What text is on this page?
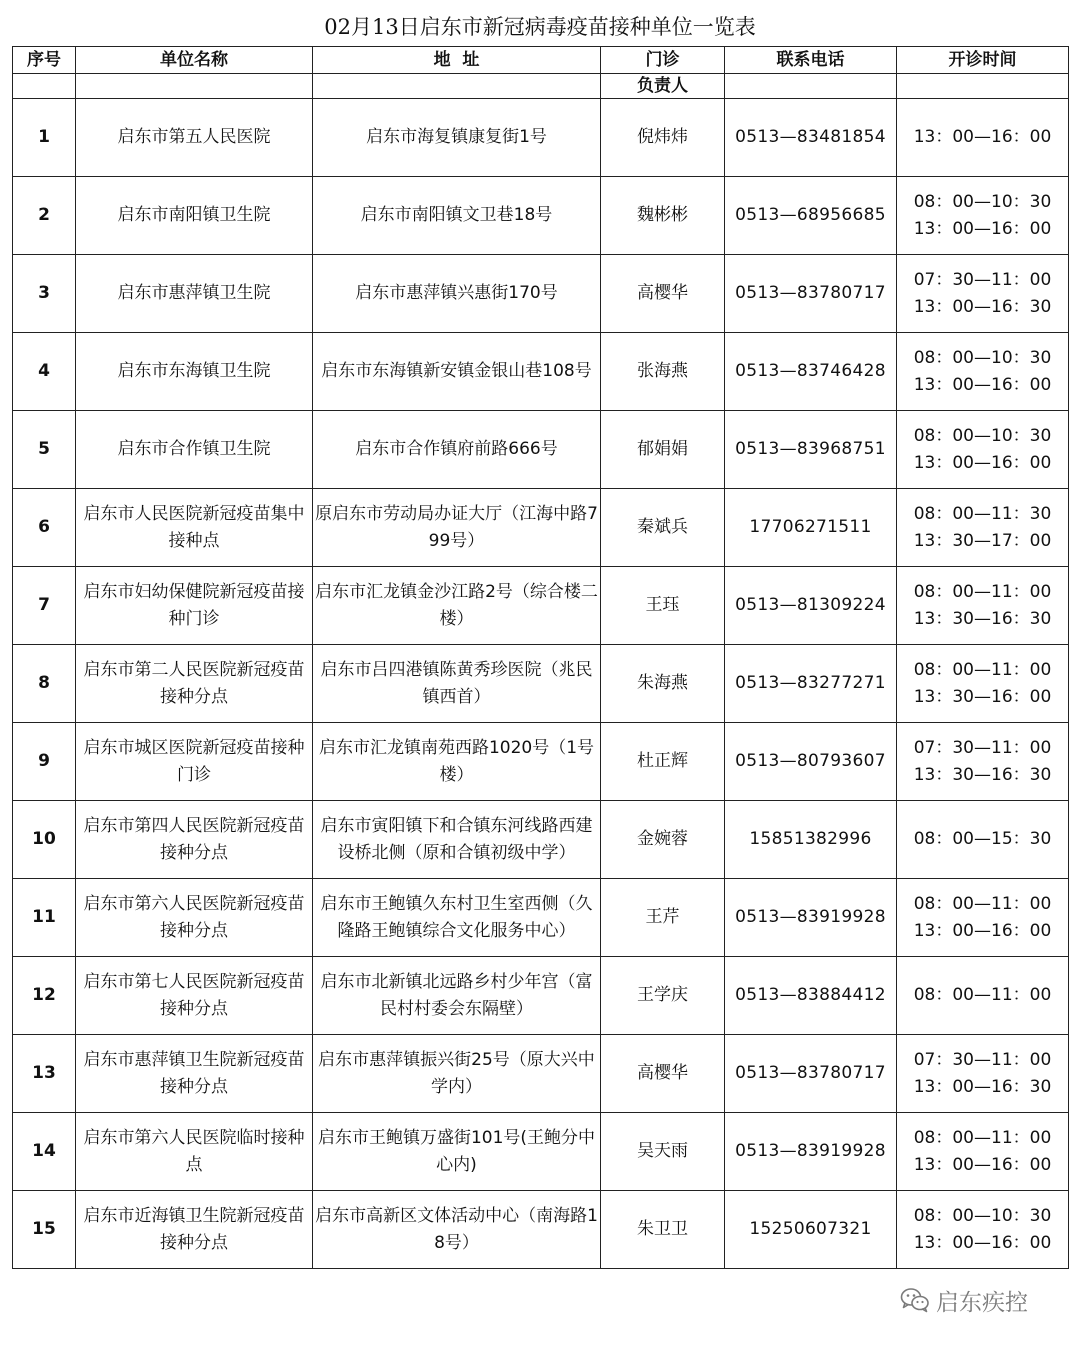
02月13日启东市新冠病毒疫苗接种单位一览表
序号	单位名称	地  址	门诊	联系电话	开诊时间
			负责人		
1	启东市第五人民医院	启东市海复镇康复街1号	倪炜炜	0513—83481854	13：00—16：00

2	启东市南阳镇卫生院	启东市南阳镇文卫巷18号	魏彬彬	0513—68956685	08：00—10：30
13：00—16：00

3	启东市惠萍镇卫生院	启东市惠萍镇兴惠街170号	高樱华	0513—83780717	07：30—11：00
13：00—16：30

4	启东市东海镇卫生院	启东市东海镇新安镇金银山巷108号	张海燕	0513—83746428	08：00—10：30
13：00—16：00

5	启东市合作镇卫生院	启东市合作镇府前路666号	郁娟娟	0513—83968751	08：00—10：30
13：00—16：00

6	启东市人民医院新冠疫苗集中接种点	原启东市劳动局办证大厅（江海中路799号）	秦斌兵	17706271511	08：00—11：30
13：30—17：00

7	启东市妇幼保健院新冠疫苗接种门诊	启东市汇龙镇金沙江路2号（综合楼二楼）	王珏	0513—81309224	08：00—11：00
13：30—16：30

8	启东市第二人民医院新冠疫苗接种分点	启东市吕四港镇陈黄秀珍医院（兆民镇西首）	朱海燕	0513—83277271	08：00—11：00
13：30—16：00

9	启东市城区医院新冠疫苗接种门诊	启东市汇龙镇南苑西路1020号（1号楼）	杜正辉	0513—80793607	07：30—11：00
13：30—16：30

10	启东市第四人民医院新冠疫苗接种分点	启东市寅阳镇下和合镇东河线路西建设桥北侧（原和合镇初级中学）	金婉蓉	15851382996	08：00—15：30

11	启东市第六人民医院新冠疫苗接种分点	启东市王鲍镇久东村卫生室西侧（久隆路王鲍镇综合文化服务中心）	王芹	0513—83919928	08：00—11：00
13：00—16：00

12	启东市第七人民医院新冠疫苗接种分点	启东市北新镇北远路乡村少年宫（富民村村委会东隔壁）	王学庆	0513—83884412	08：00—11：00

13	启东市惠萍镇卫生院新冠疫苗接种分点	启东市惠萍镇振兴街25号（原大兴中学内）	高樱华	0513—83780717	07：30—11：00
13：00—16：30

14	启东市第六人民医院临时接种点	启东市王鲍镇万盛街101号(王鲍分中心内)	吴天雨	0513—83919928	08：00—11：00
13：00—16：00

15	启东市近海镇卫生院新冠疫苗接种分点	启东市高新区文体活动中心（南海路18号）	朱卫卫	15250607321	08：00—10：30
13：00—16：00
启东疾控
